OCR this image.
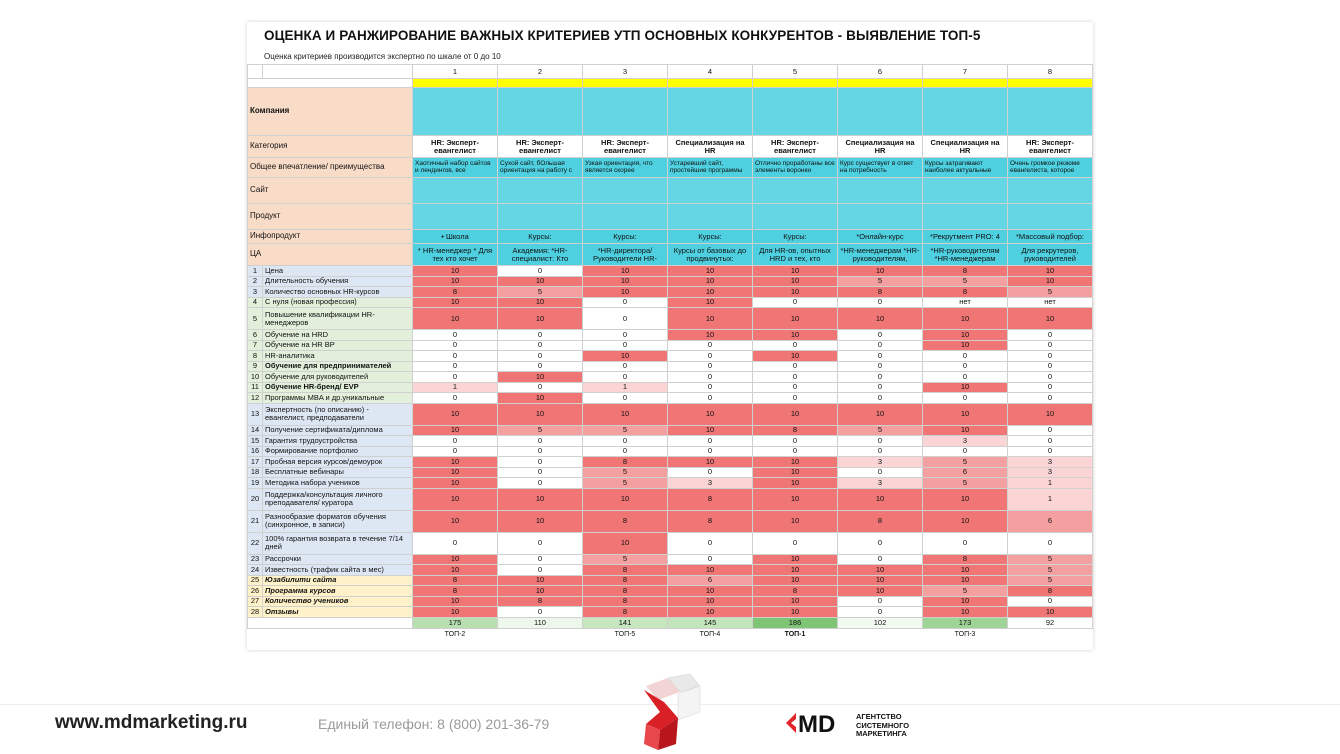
ОЦЕНКА И РАНЖИРОВАНИЕ ВАЖНЫХ КРИТЕРИЕВ УТП ОСНОВНЫХ КОНКУРЕНТОВ - ВЫЯВЛЕНИЕ ТОП-5
Оценка критериев производится экспертно по шкале от 0 до 10
		1	2	3	4	5	6	7	8

Компания									
Категория		HR: Эксперт-евангелист	HR: Эксперт-евангелист	HR: Эксперт-евангелист	Специализация на HR	HR: Эксперт-евангелист	Специализация на HR	Специализация на HR	HR: Эксперт-евангелист
Общее впечатление/ преимущества		Хаотичный набор сайтов и лендингов, все	Сухой сайт, бОльшая ориентация на работу с	Узкая ориентация, что является скорее	Устаревший сайт, простейшие программы	Отлично проработаны все элементы воронки	Курс существует в ответ на потребность	Курсы затрагивают наиболее актуальные	Очень громкое резюме евангелиста, которое
Сайт									
Продукт									
Инфопродукт		• Школа	Курсы:	Курсы:	Курсы:	Курсы:	*Онлайн-курс	*Рекрутмент PRO: 4	*Массовый подбор:
ЦА		* HR-менеджер * Для тех кто хочет	Академия: *HR-специалист: Кто	*HR-директора/ Руководители HR-	Курсы от базовых до продвинутых:	Для HR-ов, опытных HRD и тех, кто	*HR-менеджерам *HR-руководителям,	*HR-руководителям *HR-менеджерам	Для рекрутеров, руководителей
1	Цена	10	0	10	10	10	10	8	10
2	Длительность обучения	10	10	10	10	10	5	5	10
3	Количество основных HR-курсов	8	5	10	10	10	8	8	5
4	С нуля (новая профессия)	10	10	0	10	0	0	нет	нет
5	Повышение квалификации HR-менеджеров	10	10	0	10	10	10	10	10
6	Обучение на HRD	0	0	0	10	10	0	10	0
7	Обучение на HR BP	0	0	0	0	0	0	10	0
8	HR-аналитика	0	0	10	0	10	0	0	0
9	Обучение для предпринимателей	0	0	0	0	0	0	0	0
10	Обучение для руководителей	0	10	0	0	0	0	0	0
11	Обучение HR-бренд/ EVP	1	0	1	0	0	0	10	0
12	Программы MBA и др.уникальные	0	10	0	0	0	0	0	0
13	Экспертность (по описанию) - евангелист, предподаватели	10	10	10	10	10	10	10	10
14	Получение сертификата/диплома	10	5	5	10	8	5	10	0
15	Гарантия трудоустройства	0	0	0	0	0	0	3	0
16	Формирование портфолио	0	0	0	0	0	0	0	0
17	Пробная версия курсов/демоурок	10	0	8	10	10	3	5	3
18	Бесплатные вебинары	10	0	5	0	10	0	6	3
19	Методика набора учеников	10	0	5	3	10	3	5	1
20	Поддержка/консультация личного преподавателя/ куратора	10	10	10	8	10	10	10	1
21	Разнообразие форматов обучения (синхронное, в записи)	10	10	8	8	10	8	10	6
22	100% гарантия возврата в течение 7/14 дней	0	0	10	0	0	0	0	0
23	Рассрочки	10	0	5	0	10	0	8	5
24	Известность (трафик сайта в мес)	10	0	8	10	10	10	10	5
25	Юзабилити сайта	8	10	8	6	10	10	10	5
26	Программа курсов	8	10	8	10	8	10	5	8
27	Количество учеников	10	8	8	10	10	0	10	0
28	Отзывы	10	0	8	10	10	0	10	10
		175	110	141	145	186	102	173	92
		ТОП-2		ТОП-5	ТОП-4	ТОП-1		ТОП-3	
www.mdmarketing.ru	Единый телефон: 8 (800) 201-36-79	MD	АГЕНТСТВО
СИСТЕМНОГО
МАРКЕТИНГА
